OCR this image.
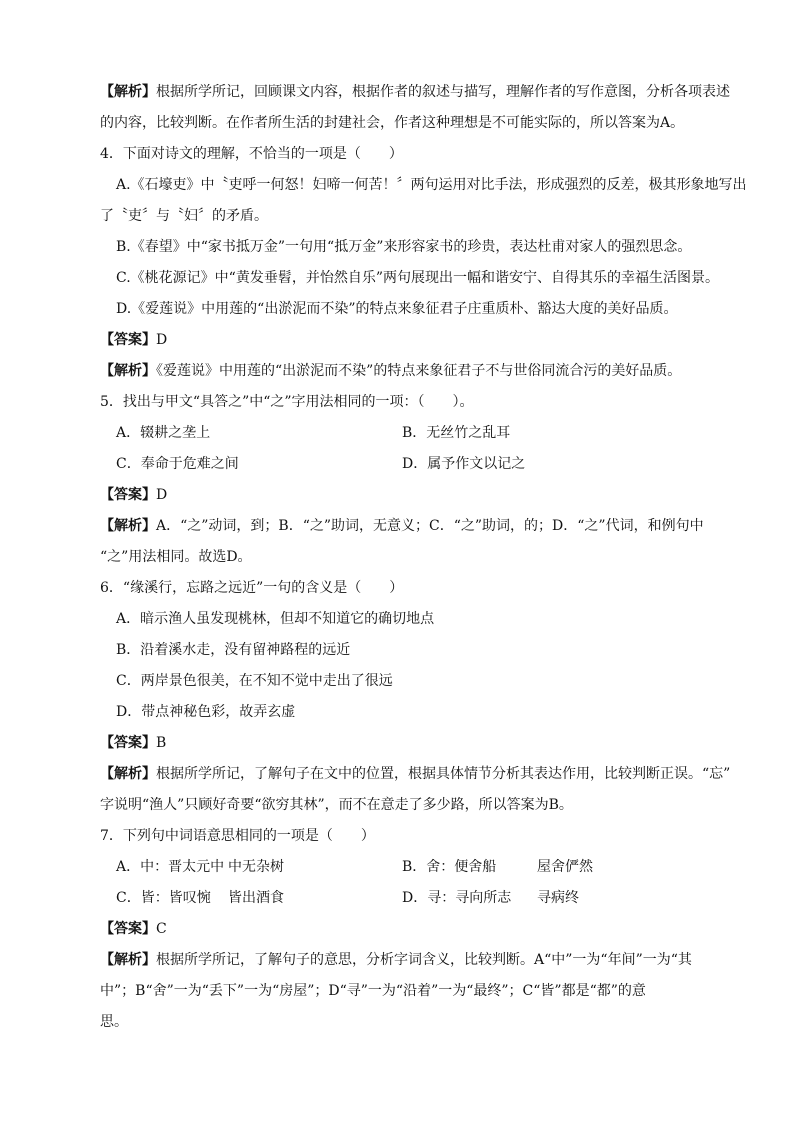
【解析】根据所学所记，回顾课文内容，根据作者的叙述与描写，理解作者的写作意图，分析各项表述
的内容，比较判断。在作者所生活的封建社会，作者这种理想是不可能实际的，所以答案为A。
4．下面对诗文的理解，不恰当的一项是（　　）
A.《石壕吏》中〝吏呼一何怒！妇啼一何苦！〞两句运用对比手法，形成强烈的反差，极其形象地写出
了〝吏〞与〝妇〞的矛盾。
B.《春望》中“家书抵万金”一句用“抵万金”来形容家书的珍贵，表达杜甫对家人的强烈思念。
C.《桃花源记》中“黄发垂髫，并怡然自乐”两句展现出一幅和谐安宁、自得其乐的幸福生活图景。
D.《爱莲说》中用莲的“出淤泥而不染”的特点来象征君子庄重质朴、豁达大度的美好品质。
【答案】D
【解析】《爱莲说》中用莲的“出淤泥而不染”的特点来象征君子不与世俗同流合污的美好品质。
5．找出与甲文“具答之”中“之”字用法相同的一项：（　　）。
A．辍耕之垄上	B．无丝竹之乱耳
C．奉命于危难之间	D．属予作文以记之
【答案】D
【解析】A．“之”动词，到；B．“之”助词，无意义；C．“之”助词，的；D．“之”代词，和例句中
“之”用法相同。故选D。
6．“缘溪行，忘路之远近”一句的含义是（　　）
A．暗示渔人虽发现桃林，但却不知道它的确切地点
B．沿着溪水走，没有留神路程的远近
C．两岸景色很美，在不知不觉中走出了很远
D．带点神秘色彩，故弄玄虚
【答案】B
【解析】根据所学所记，了解句子在文中的位置，根据具体情节分析其表达作用，比较判断正误。“忘”
字说明“渔人”只顾好奇要“欲穷其林”，而不在意走了多少路，所以答案为B。
7．下列句中词语意思相同的一项是（　　）
A．中：晋太元中 中无杂树	B．舍：便舍船	屋舍俨然
C．皆：皆叹惋 皆出酒食	D．寻：寻向所志 寻病终
【答案】C
【解析】根据所学所记，了解句子的意思，分析字词含义，比较判断。A“中”一为“年间”一为“其
中”；B“舍”一为“丢下”一为“房屋”；D“寻”一为“沿着”一为“最终”；C“皆”都是“都”的意
思。
